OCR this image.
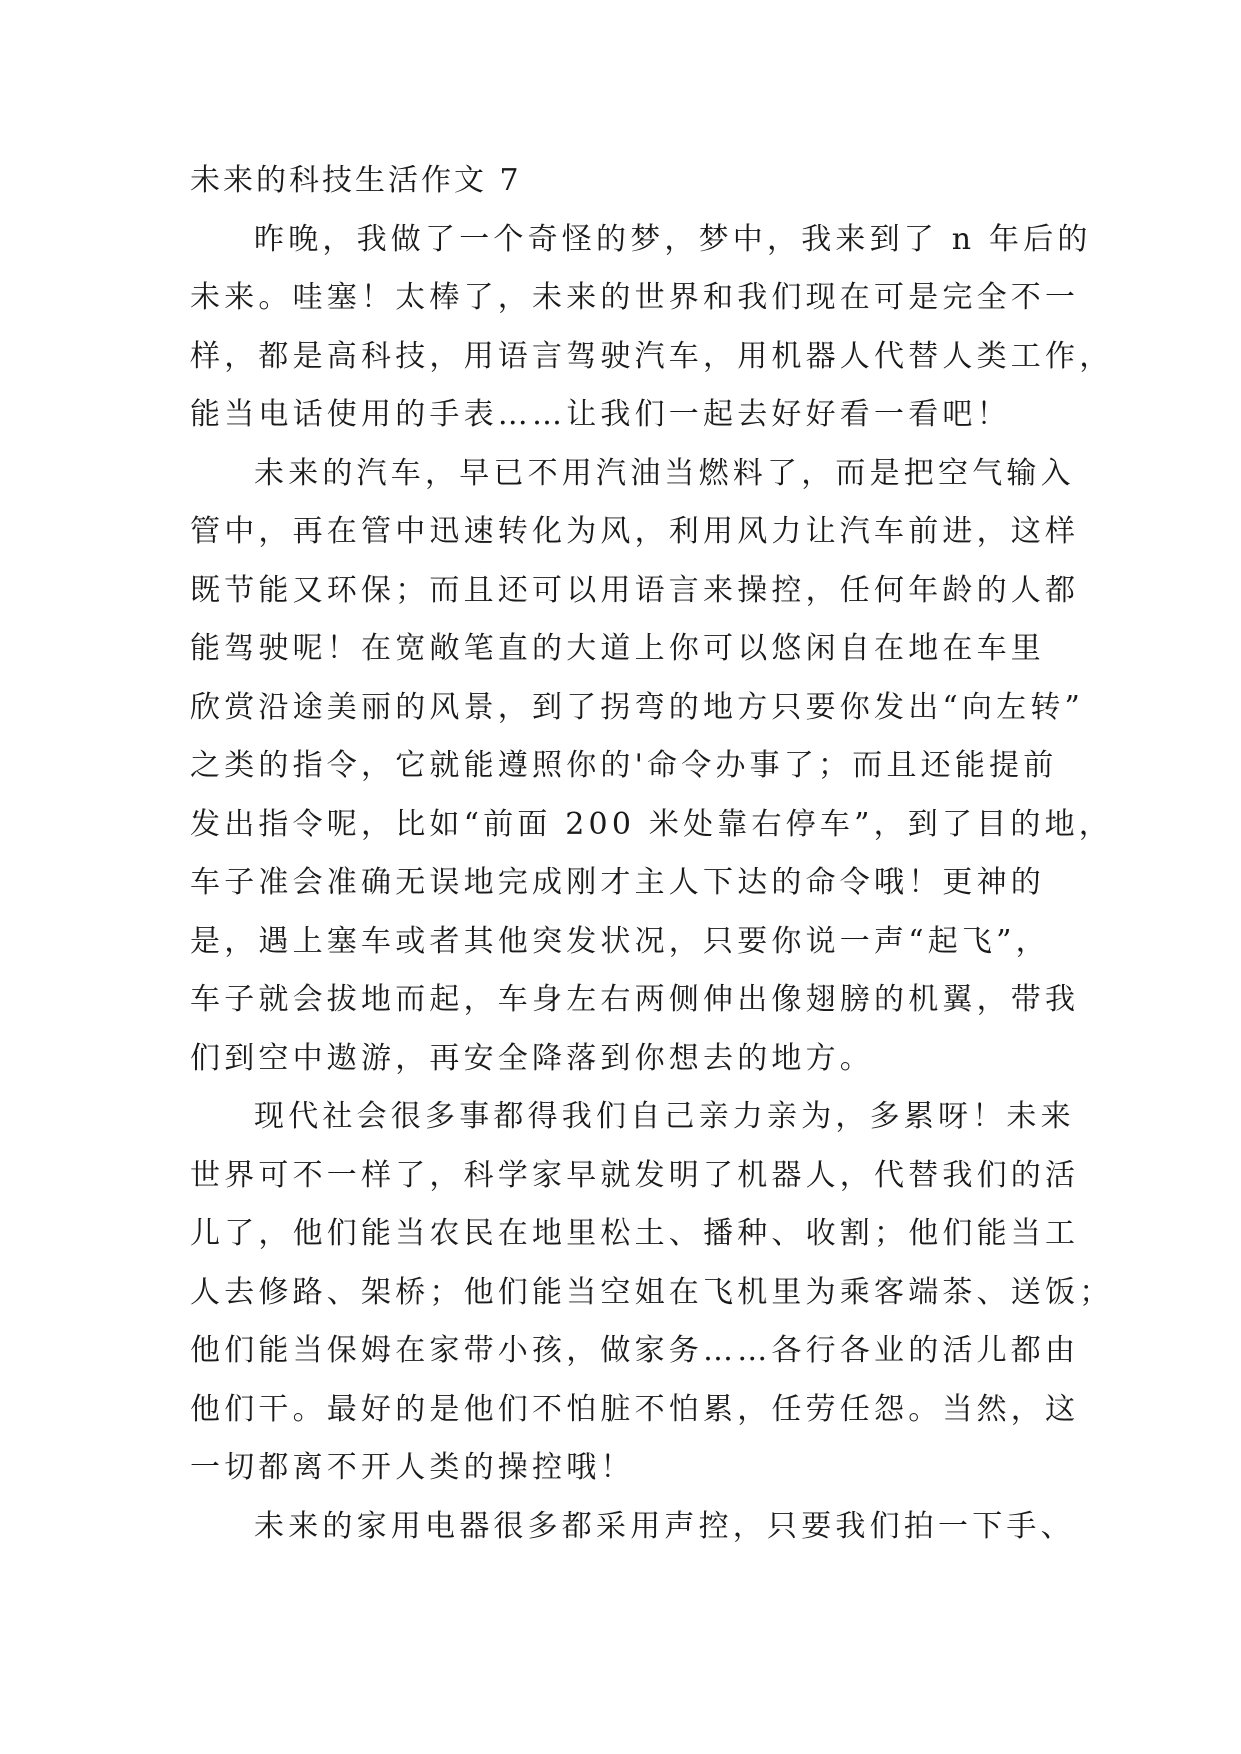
未来的科技生活作文 7
昨晚，我做了一个奇怪的梦，梦中，我来到了 n 年后的
未来。哇塞！太棒了，未来的世界和我们现在可是完全不一
样，都是高科技，用语言驾驶汽车，用机器人代替人类工作，
能当电话使用的手表……让我们一起去好好看一看吧！
未来的汽车，早已不用汽油当燃料了，而是把空气输入
管中，再在管中迅速转化为风，利用风力让汽车前进，这样
既节能又环保；而且还可以用语言来操控，任何年龄的人都
能驾驶呢！在宽敞笔直的大道上你可以悠闲自在地在车里
欣赏沿途美丽的风景，到了拐弯的地方只要你发出“向左转”
之类的指令，它就能遵照你的'命令办事了；而且还能提前
发出指令呢，比如“前面 200 米处靠右停车”，到了目的地，
车子准会准确无误地完成刚才主人下达的命令哦！更神的
是，遇上塞车或者其他突发状况，只要你说一声“起飞”，
车子就会拔地而起，车身左右两侧伸出像翅膀的机翼，带我
们到空中遨游，再安全降落到你想去的地方。
现代社会很多事都得我们自己亲力亲为，多累呀！未来
世界可不一样了，科学家早就发明了机器人，代替我们的活
儿了，他们能当农民在地里松土、播种、收割；他们能当工
人去修路、架桥；他们能当空姐在飞机里为乘客端茶、送饭；
他们能当保姆在家带小孩，做家务……各行各业的活儿都由
他们干。最好的是他们不怕脏不怕累，任劳任怨。当然，这
一切都离不开人类的操控哦！
未来的家用电器很多都采用声控，只要我们拍一下手、
